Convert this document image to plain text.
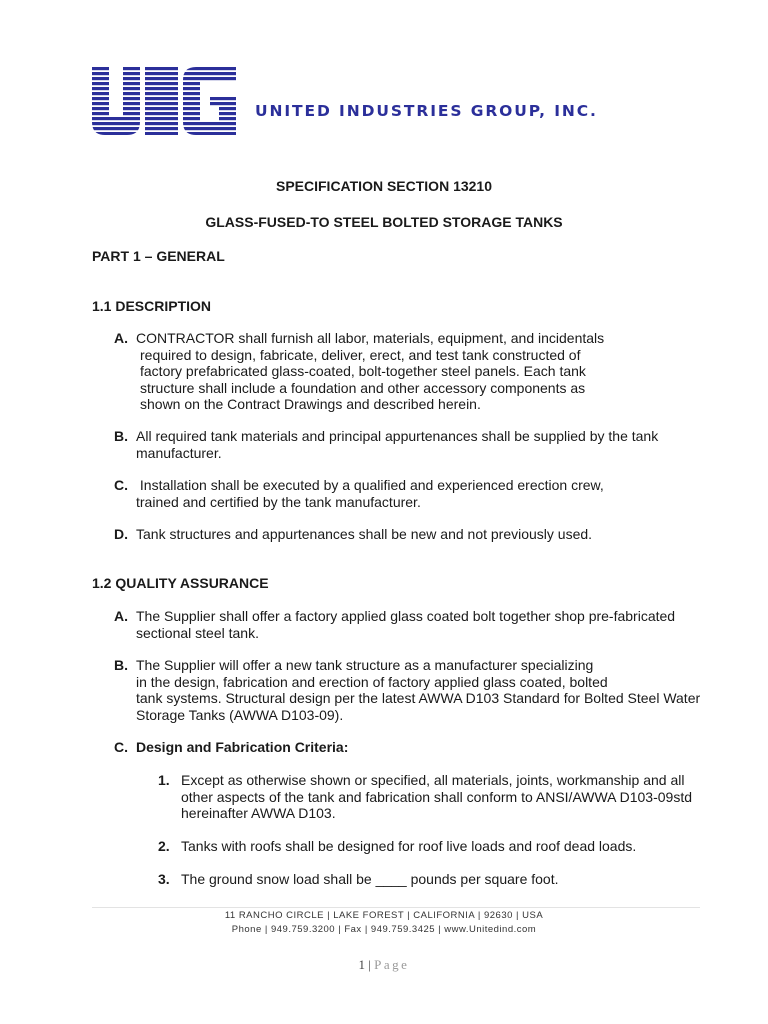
UNITED INDUSTRIES GROUP, INC.
SPECIFICATION SECTION 13210
GLASS-FUSED-TO STEEL BOLTED STORAGE TANKS
PART 1 – GENERAL
1.1 DESCRIPTION
A. CONTRACTOR shall furnish all labor, materials, equipment, and incidentals
required to design, fabricate, deliver, erect, and test tank constructed of
factory prefabricated glass-coated, bolt-together steel panels. Each tank
structure shall include a foundation and other accessory components as
shown on the Contract Drawings and described herein.
B. All required tank materials and principal appurtenances shall be supplied by the tank
manufacturer.
C. Installation shall be executed by a qualified and experienced erection crew,
trained and certified by the tank manufacturer.
D. Tank structures and appurtenances shall be new and not previously used.
1.2 QUALITY ASSURANCE
A. The Supplier shall offer a factory applied glass coated bolt together shop pre-fabricated
sectional steel tank.
B. The Supplier will offer a new tank structure as a manufacturer specializing
in the design, fabrication and erection of factory applied glass coated, bolted
tank systems. Structural design per the latest AWWA D103 Standard for Bolted Steel Water
Storage Tanks (AWWA D103-09).
C. Design and Fabrication Criteria:
1. Except as otherwise shown or specified, all materials, joints, workmanship and all
other aspects of the tank and fabrication shall conform to ANSI/AWWA D103-09std
hereinafter AWWA D103.
2. Tanks with roofs shall be designed for roof live loads and roof dead loads.
3. The ground snow load shall be ____ pounds per square foot.
11 RANCHO CIRCLE | LAKE FOREST | CALIFORNIA | 92630 | USA
Phone | 949.759.3200 | Fax | 949.759.3425 | www.Unitedind.com
1 | Page
